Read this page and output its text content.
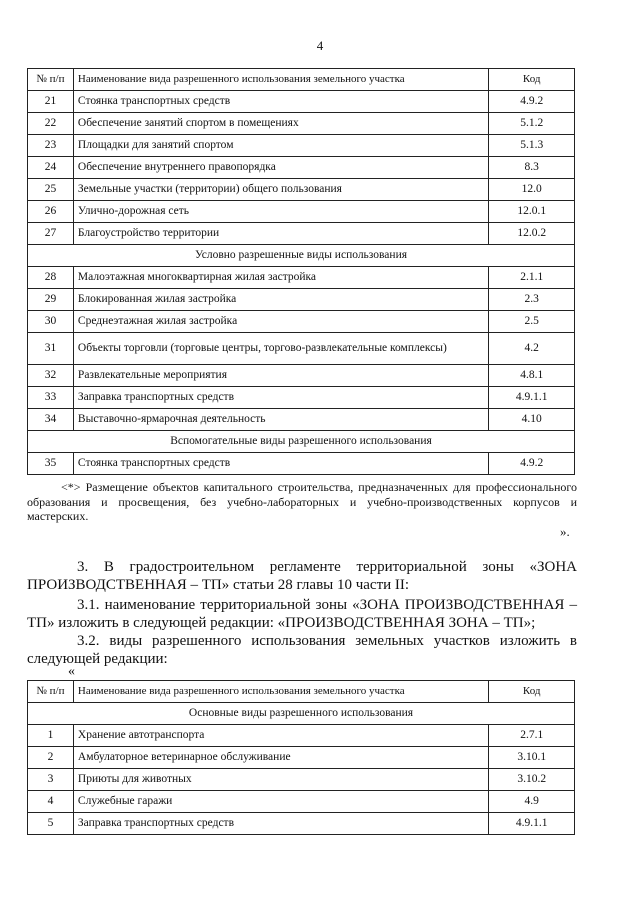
4
№ п/п	Наименование вида разрешенного использования земельного участка	Код
21	Стоянка транспортных средств	4.9.2
22	Обеспечение занятий спортом в помещениях	5.1.2
23	Площадки для занятий спортом	5.1.3
24	Обеспечение внутреннего правопорядка	8.3
25	Земельные участки (территории) общего пользования	12.0
26	Улично-дорожная сеть	12.0.1
27	Благоустройство территории	12.0.2
Условно разрешенные виды использования		
28	Малоэтажная многоквартирная жилая застройка	2.1.1
29	Блокированная жилая застройка	2.3
30	Среднеэтажная жилая застройка	2.5
31	Объекты торговли (торговые центры, торгово-развлекательные комплексы)	4.2
32	Развлекательные мероприятия	4.8.1
33	Заправка транспортных средств	4.9.1.1
34	Выставочно-ярмарочная деятельность	4.10
Вспомогательные виды разрешенного использования		
35	Стоянка транспортных средств	4.9.2
<*> Размещение объектов капитального строительства, предназначенных для профессионального образования и просвещения, без учебно-лабораторных и учебно-производственных корпусов и мастерских.
».
3. В градостроительном регламенте территориальной зоны «ЗОНА ПРОИЗВОДСТВЕННАЯ – ТП» статьи 28 главы 10 части II:
3.1. наименование территориальной зоны «ЗОНА ПРОИЗВОДСТВЕННАЯ – ТП» изложить в следующей редакции: «ПРОИЗВОДСТВЕННАЯ ЗОНА – ТП»;
3.2. виды разрешенного использования земельных участков изложить в следующей редакции:
«
№ п/п	Наименование вида разрешенного использования земельного участка	Код
Основные виды разрешенного использования		
1	Хранение автотранспорта	2.7.1
2	Амбулаторное ветеринарное обслуживание	3.10.1
3	Приюты для животных	3.10.2
4	Служебные гаражи	4.9
5	Заправка транспортных средств	4.9.1.1
